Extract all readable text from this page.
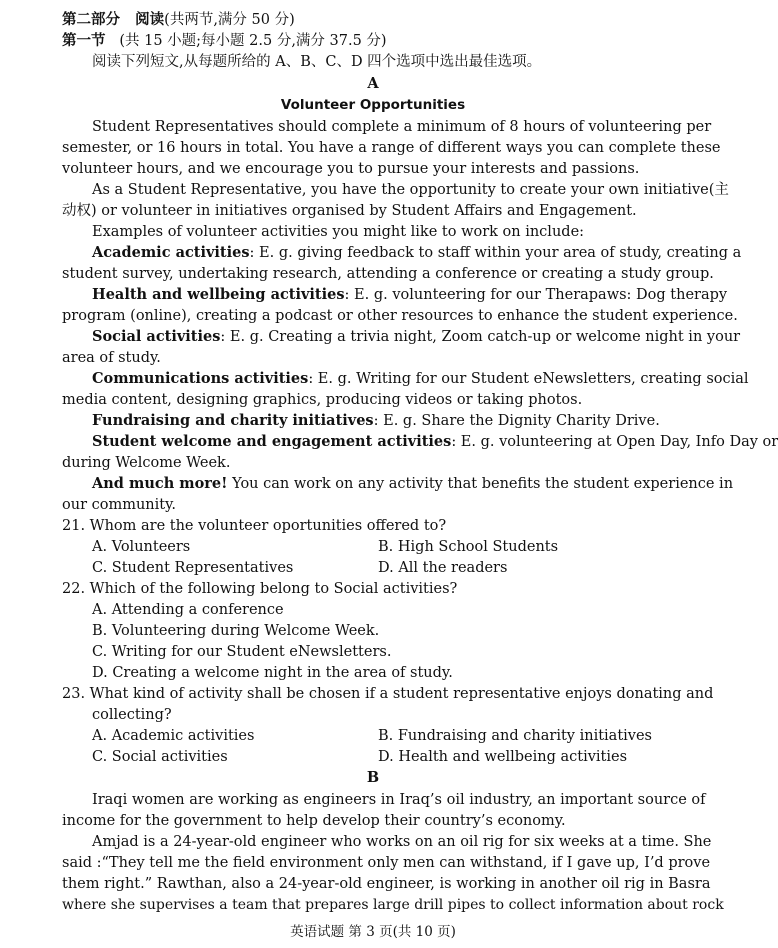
第二部分 阅读(共两节,满分 50 分)
第一节 (共 15 小题;每小题 2.5 分,满分 37.5 分)
阅读下列短文,从每题所给的 A、B、C、D 四个选项中选出最佳选项。
A
Volunteer Opportunities
Student Representatives should complete a minimum of 8 hours of volunteering per
semester, or 16 hours in total. You have a range of different ways you can complete these
volunteer hours, and we encourage you to pursue your interests and passions.
As a Student Representative, you have the opportunity to create your own initiative(主
动权) or volunteer in initiatives organised by Student Affairs and Engagement.
Examples of volunteer activities you might like to work on include:
Academic activities: E. g. giving feedback to staff within your area of study, creating a
student survey, undertaking research, attending a conference or creating a study group.
Health and wellbeing activities: E. g. volunteering for our Therapaws: Dog therapy
program (online), creating a podcast or other resources to enhance the student experience.
Social activities: E. g. Creating a trivia night, Zoom catch-up or welcome night in your
area of study.
Communications activities: E. g. Writing for our Student eNewsletters, creating social
media content, designing graphics, producing videos or taking photos.
Fundraising and charity initiatives: E. g. Share the Dignity Charity Drive.
Student welcome and engagement activities: E. g. volunteering at Open Day, Info Day or
during Welcome Week.
And much more! You can work on any activity that benefits the student experience in
our community.
21. Whom are the volunteer oportunities offered to?
A. Volunteers	B. High School Students
C. Student Representatives	D. All the readers
22. Which of the following belong to Social activities?
A. Attending a conference
B. Volunteering during Welcome Week.
C. Writing for our Student eNewsletters.
D. Creating a welcome night in the area of study.
23. What kind of activity shall be chosen if a student representative enjoys donating and
collecting?
A. Academic activities	B. Fundraising and charity initiatives
C. Social activities	D. Health and wellbeing activities
B
Iraqi women are working as engineers in Iraq’s oil industry, an important source of
income for the government to help develop their country’s economy.
Amjad is a 24-year-old engineer who works on an oil rig for six weeks at a time. She
said :“They tell me the field environment only men can withstand, if I gave up, I’d prove
them right.” Rawthan, also a 24-year-old engineer, is working in another oil rig in Basra
where she supervises a team that prepares large drill pipes to collect information about rock
英语试题 第 3 页(共 10 页)
